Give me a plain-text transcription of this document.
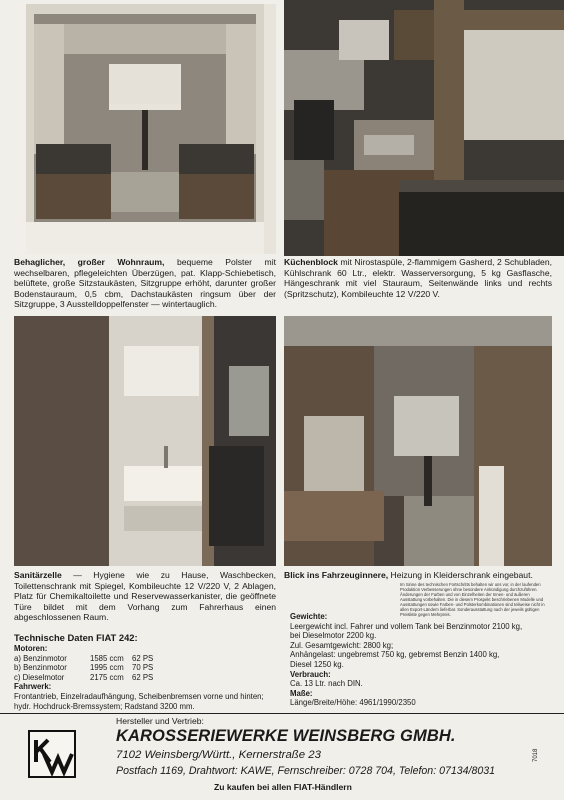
Behaglicher, großer Wohnraum, bequeme Polster mit wechselbaren, pflegeleichten Überzügen, pat. Klapp-Schiebetisch, belüftete, große Sitzstaukästen, Sitzgruppe erhöht, darunter großer Bodenstauraum, 0,5 cbm, Dachstaukästen ringsum über der Sitzgruppe, 3 Ausstelldoppelfenster — wintertauglich.
Küchenblock mit Nirostaspüle, 2-flammigem Gasherd, 2 Schubladen, Kühlschrank 60 Ltr., elektr. Wasserversorgung, 5 kg Gasflasche, Hängeschrank mit viel Stauraum, Seitenwände links und rechts (Spritzschutz), Kombileuchte 12 V/220 V.
Sanitärzelle — Hygiene wie zu Hause, Waschbecken, Toilettenschrank mit Spiegel, Kombileuchte 12 V/220 V, 2 Ablagen, Platz für Chemikaltoilette und Reservewasserkanister, die geöffnete Türe bildet mit dem Vorhang zum Fahrerhaus einen abgeschlossenen Raum.
Blick ins Fahrzeuginnere, Heizung in Kleiderschrank eingebaut.
Im Sinne des technischen Fortschritts behalten wir uns vor, in der laufenden Produktion Verbesserungen ohne besondere Ankündigung durchzuführen. Änderungen der Farben und von Einzelheiten der Innen- und äußeren Ausstattung vorbehalten. Die in diesem Prospekt beschriebenen Modelle und Ausstattungen sowie Farben- und Polsterkombinationen sind teilweise nicht in allen Export-Ländern lieferbar. Sonderausstattung nach der jeweils gültigen Preisliste gegen Mehrpreis.
Technische Daten FIAT 242:
Motoren:
a) Benzinmotor	1585 ccm	62 PS
b) Benzinmotor	1995 ccm	70 PS
c) Dieselmotor	2175 ccm	62 PS
Fahrwerk:
Frontantrieb, Einzelradaufhängung, Scheibenbremsen vorne und hinten; hydr. Hochdruck-Bremssystem; Radstand 3200 mm.
Gewichte:
Leergewicht incl. Fahrer und vollem Tank bei Benzinmotor 2100 kg,
bei Dieselmotor 2200 kg.
Zul. Gesamtgewicht: 2800 kg;
Anhängelast: ungebremst 750 kg, gebremst Benzin 1400 kg,
Diesel 1250 kg.
Verbrauch:
Ca. 13 Ltr. nach DIN.
Maße:
Länge/Breite/Höhe: 4961/1990/2350
Hersteller und Vertrieb:
KAROSSERIEWERKE WEINSBERG GMBH.
7102 Weinsberg/Württ., Kernerstraße 23
Postfach 1169, Drahtwort: KAWE, Fernschreiber: 0728 704, Telefon: 07134/8031
Zu kaufen bei allen FIAT-Händlern
7018
